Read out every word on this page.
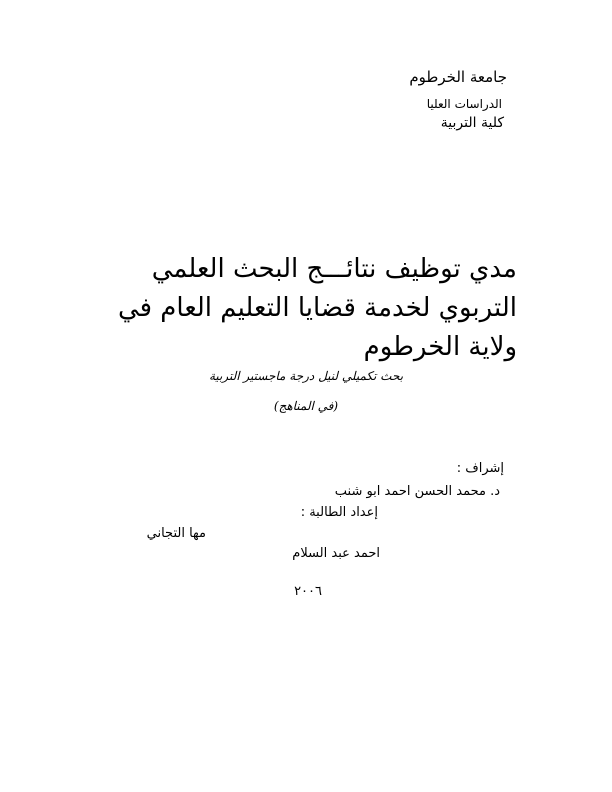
جامعة الخرطوم
الدراسات العليا
كلية التربية
مدي توظيف نتائـــج البحث العلمي
التربوي لخدمة قضايا التعليم العام في
ولاية الخرطوم
بحث تكميلي لنيل درجة ماجستير التربية
(في المناهج)
إشراف :
د. محمد الحسن احمد ابو شنب
إعداد الطالبة :
مها التجاني
احمد عبد السلام
٢٠٠٦
